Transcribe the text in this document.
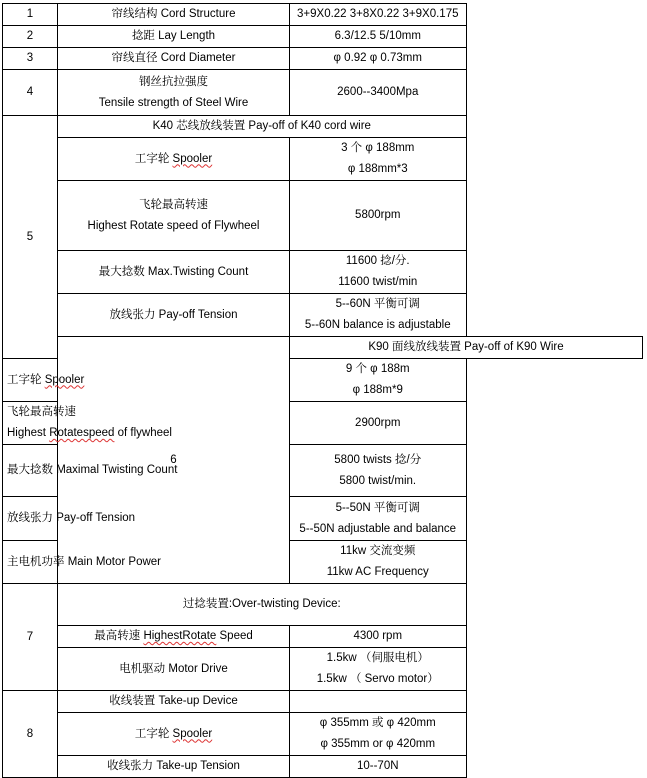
1	帘线结构 Cord Structure	3+9X0.22 3+8X0.22 3+9X0.175
2	捻距 Lay Length	6.3/12.5 5/10mm
3	帘线直径 Cord Diameter	φ 0.92 φ 0.73mm
4	钢丝抗拉强度
Tensile strength of Steel Wire	2600--3400Mpa
5	K40 芯线放线装置 Pay-off of K40 cord wire	
	工字轮 Spooler	3 个 φ 188mm
φ 188mm*3

	飞轮最高转速
Highest Rotate speed of Flywheel	5800rpm
	最大捻数 Max.Twisting Count	11600 捻/分.
11600 twist/min

	放线张力 Pay-off Tension	5--60N 平衡可调
5--60N balance is adjustable

	6	K90 面线放线装置 Pay-off of K90 Wire
工字轮 Spooler		9 个 φ 188m
φ 188m*9

飞轮最高转速
Highest Rotatespeed of flywheel		2900rpm
最大捻数 Maximal Twisting Count		5800 twists 捻/分
5800 twist/min.

放线张力 Pay-off Tension		5--50N 平衡可调
5--50N adjustable and balance

主电机功率 Main Motor Power		11kw 交流变频
11kw AC Frequency

7	过捻装置:Over-twisting Device:	
	最高转速 HighestRotate Speed	4300 rpm
	电机驱动 Motor Drive	1.5kw （伺服电机）
1.5kw （ Servo motor）

8	收线装置 Take-up Device	
	工字轮 Spooler	φ 355mm 或 φ 420mm
φ 355mm or φ 420mm

	收线张力 Take-up Tension	10--70N
